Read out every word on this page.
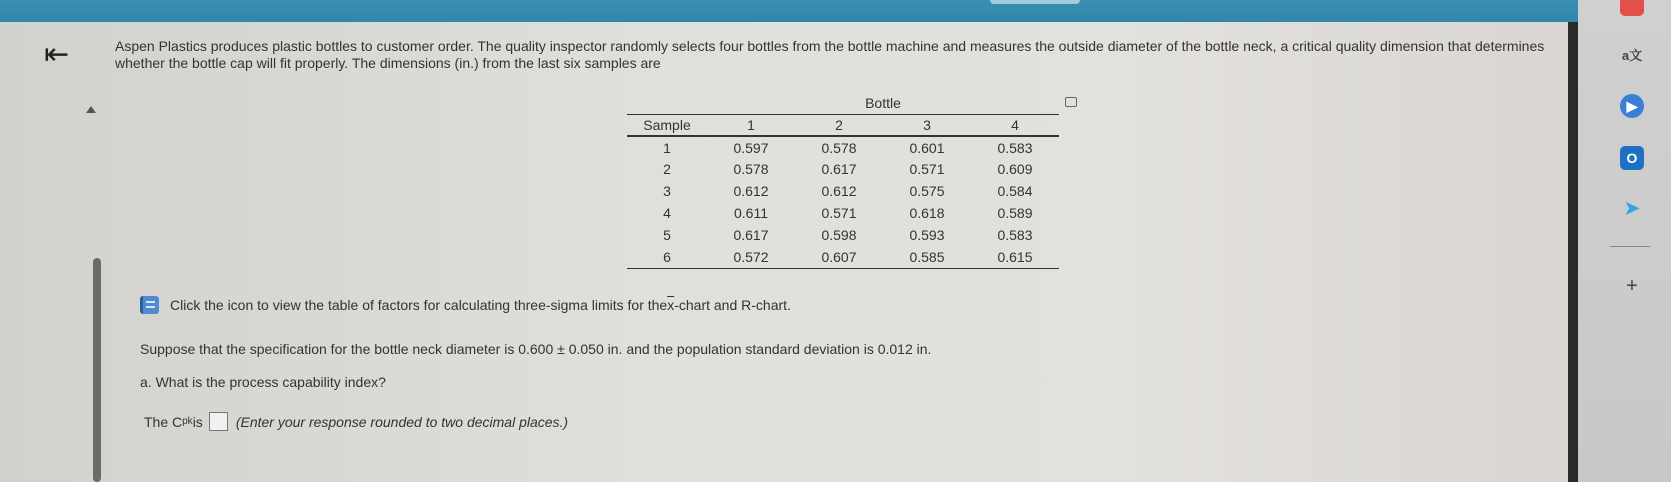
a文
▶
O
➤
+
⇤	Aspen Plastics produces plastic bottles to customer order. The quality inspector randomly selects four bottles from the bottle machine and measures the outside diameter of the bottle neck, a critical quality dimension that determines whether the bottle cap will fit properly. The dimensions (in.) from the last six samples are
	Bottle			
Sample	1	2	3	4
1	0.597	0.578	0.601	0.583
2	0.578	0.617	0.571	0.609
3	0.612	0.612	0.575	0.584
4	0.611	0.571	0.618	0.589
5	0.617	0.598	0.593	0.583
6	0.572	0.607	0.585	0.615
Click the icon to view the table of factors for calculating three-sigma limits for the $\overline{x}$ -chart and R-chart.
Suppose that the specification for the bottle neck diameter is 0.600 ± 0.050 in. and the population standard deviation is 0.012 in.
a. What is the process capability index?
The C pk is (Enter your response rounded to two decimal places.)
